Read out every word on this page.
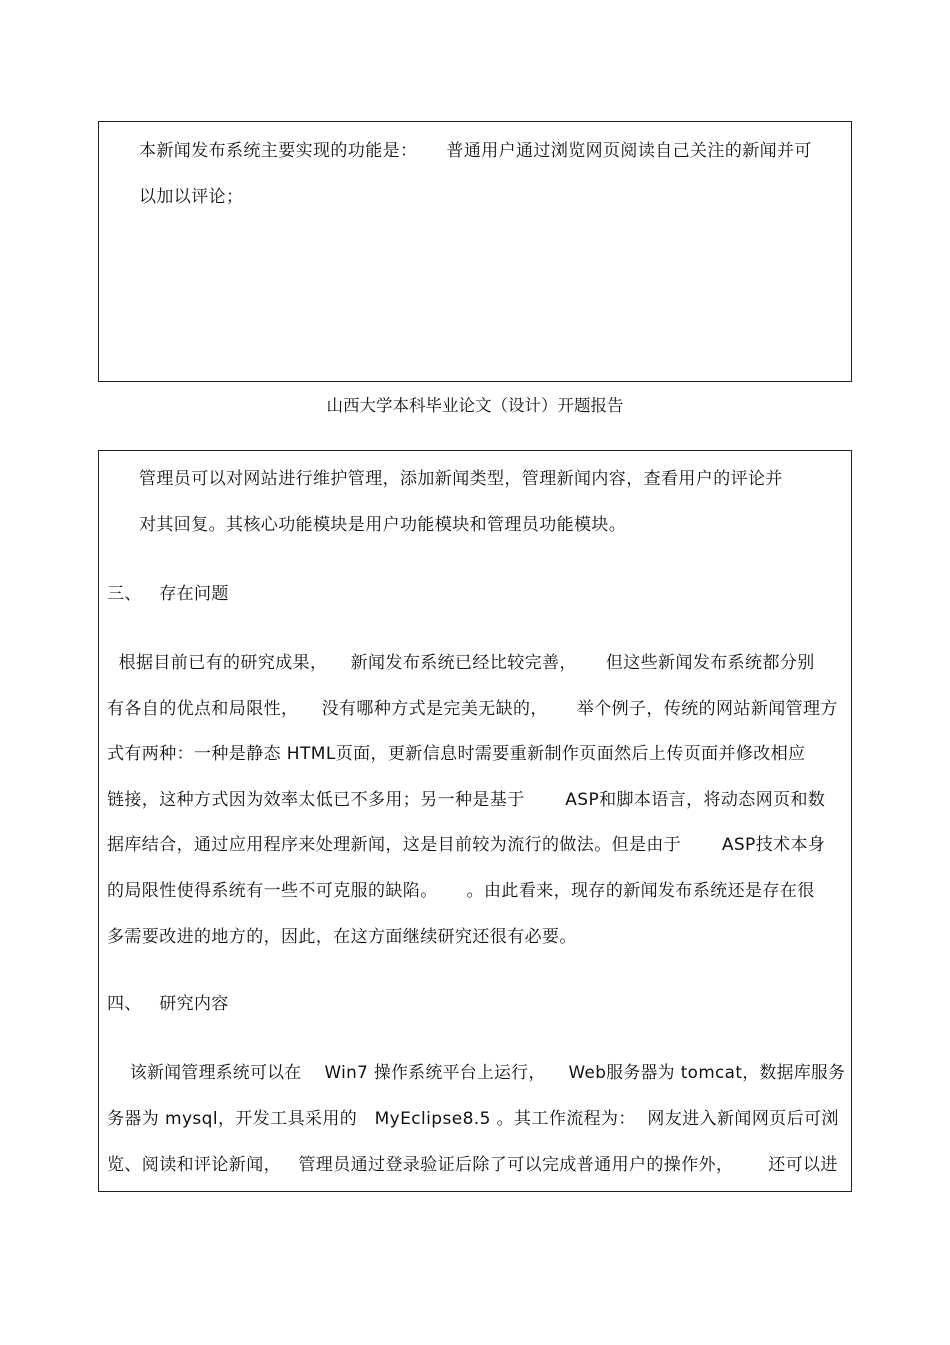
本新闻发布系统主要实现的功能是：     普通用户通过浏览网页阅读自己关注的新闻并可
以加以评论；
山西大学本科毕业论文（设计）开题报告
管理员可以对网站进行维护管理，添加新闻类型，管理新闻内容，查看用户的评论并
对其回复。其核心功能模块是用户功能模块和管理员功能模块。
三、   存在问题
根据目前已有的研究成果，    新闻发布系统已经比较完善，     但这些新闻发布系统都分别
有各自的优点和局限性，    没有哪种方式是完美无缺的，     举个例子，传统的网站新闻管理方
式有两种：一种是静态 HTML页面，更新信息时需要重新制作页面然后上传页面并修改相应
链接，这种方式因为效率太低已不多用；另一种是基于       ASP和脚本语言，将动态网页和数
据库结合，通过应用程序来处理新闻，这是目前较为流行的做法。但是由于       ASP技术本身
的局限性使得系统有一些不可克服的缺陷。     。由此看来，现存的新闻发布系统还是存在很
多需要改进的地方的，因此，在这方面继续研究还很有必要。
四、   研究内容
该新闻管理系统可以在    Win7 操作系统平台上运行，    Web服务器为 tomcat，数据库服务
务器为 mysql，开发工具采用的   MyEclipse8.5 。其工作流程为：  网友进入新闻网页后可浏
览、阅读和评论新闻，   管理员通过登录验证后除了可以完成普通用户的操作外，      还可以进
